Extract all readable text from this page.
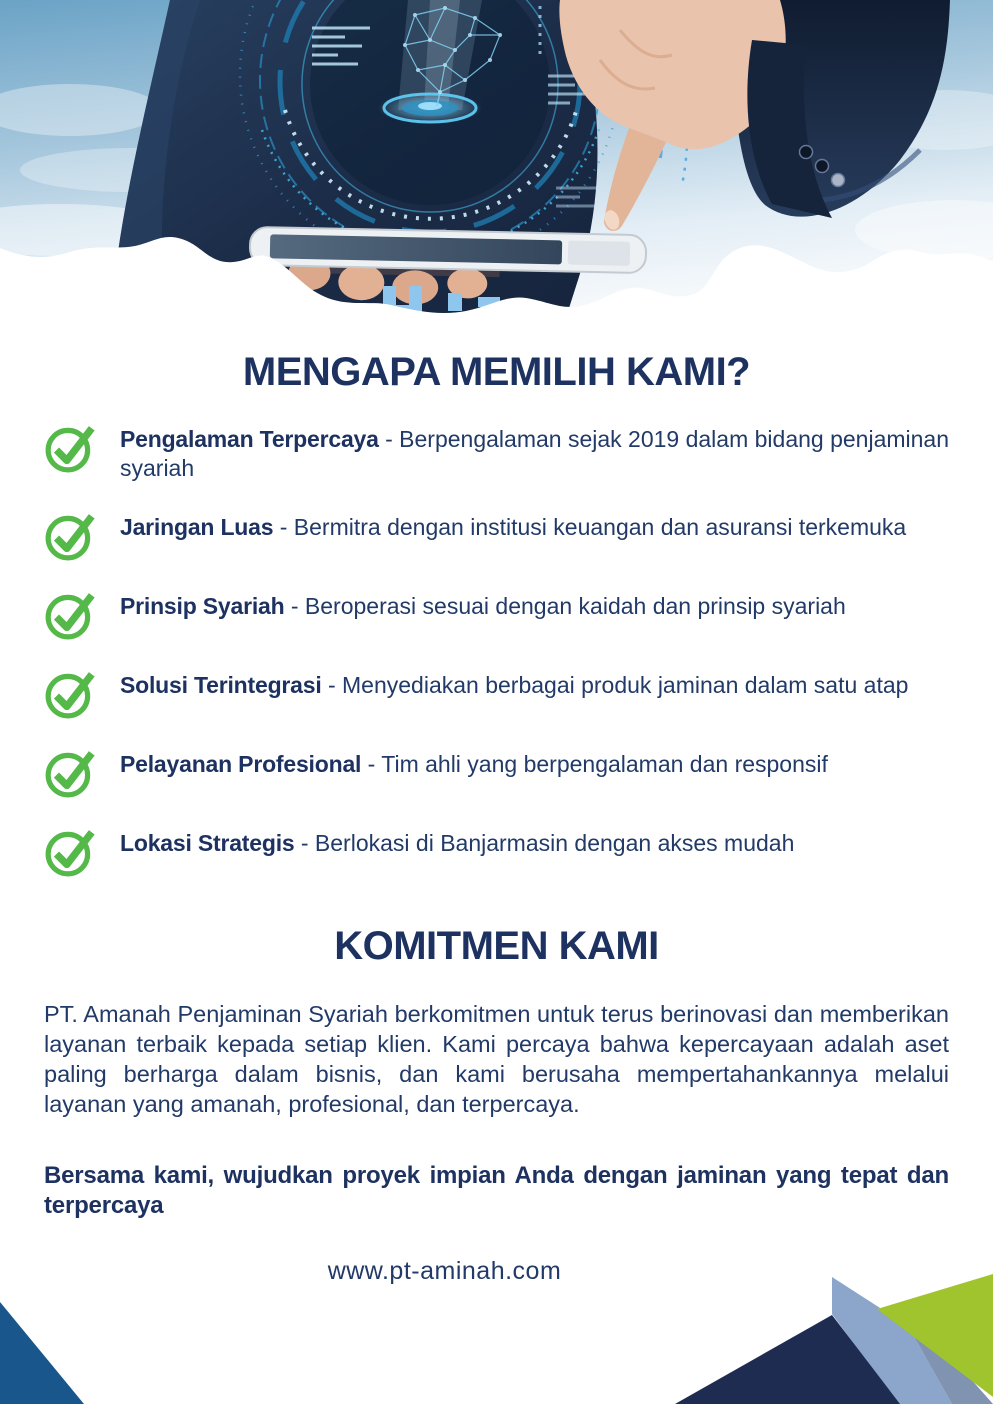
MENGAPA MEMILIH KAMI?

Pengalaman Terpercaya - Berpengalaman sejak 2019 dalam bidang penjaminan syariah

Jaringan Luas - Bermitra dengan institusi keuangan dan asuransi terkemuka

Prinsip Syariah - Beroperasi sesuai dengan kaidah dan prinsip syariah

Solusi Terintegrasi - Menyediakan berbagai produk jaminan dalam satu atap

Pelayanan Profesional - Tim ahli yang berpengalaman dan responsif

Lokasi Strategis - Berlokasi di Banjarmasin dengan akses mudah

KOMITMEN KAMI

PT. Amanah Penjaminan Syariah berkomitmen untuk terus berinovasi dan memberikan layanan terbaik kepada setiap klien. Kami percaya bahwa kepercayaan adalah aset paling berharga dalam bisnis, dan kami berusaha mempertahankannya melalui layanan yang amanah, profesional, dan terpercaya.

Bersama kami, wujudkan proyek impian Anda dengan jaminan yang tepat dan terpercaya

www.pt-aminah.com
